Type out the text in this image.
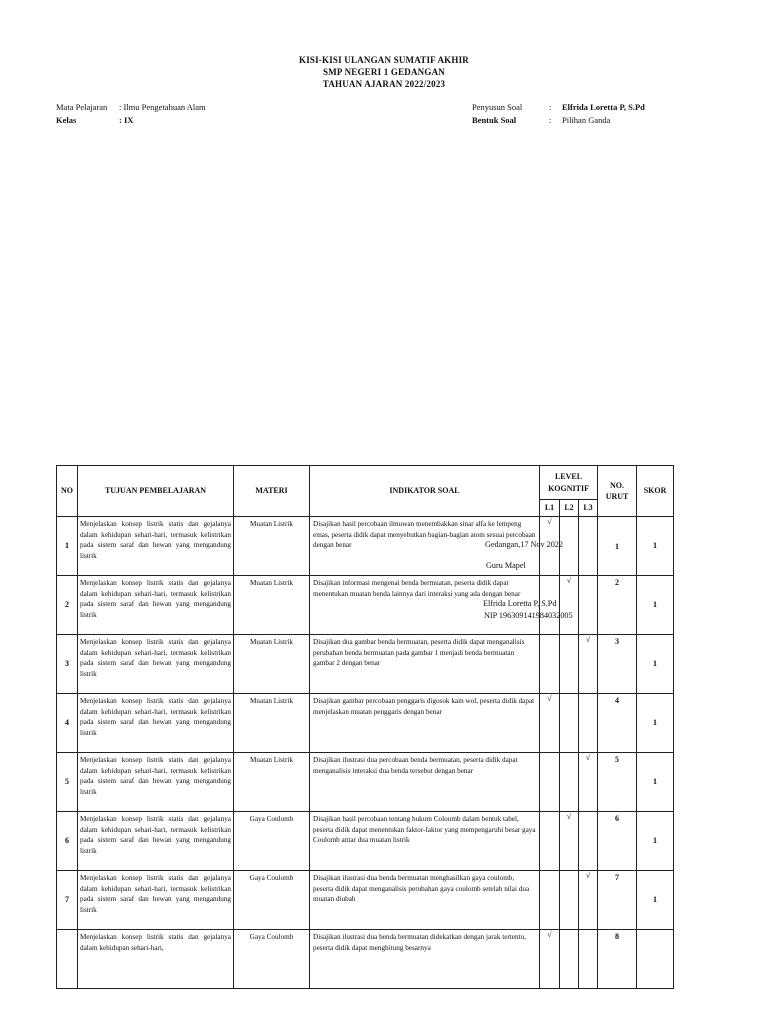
KISI-KISI ULANGAN SUMATIF AKHIR
SMP NEGERI 1 GEDANGAN
TAHUAN AJARAN 2022/2023
Mata Pelajaran : Ilmu Pengetahuan Alam
Kelas	: IX
Penyusun Soal	: Elfrida Loretta P, S.Pd
Bentuk Soal	: Pilihan Ganda
NO	TUJUAN PEMBELAJARAN	MATERI	INDIKATOR SOAL	LEVEL KOGNITIF			NO. URUT	SKOR
				L1	L2	L3		
1	Menjelaskan konsep listrik statis dan gejalanya dalam kehidupan sehari-hari, termasuk kelistrikan pada sistem saraf dan hewan yang mengandung listrik	Muatan Listrik	Disajikan hasil percobaan ilmuwan menembakkan sinar alfa ke lempeng emas, peserta didik dapat menyebutkan bagian-bagian atom sesuai percobaan dengan benar	√			1	1
2	Menjelaskan konsep listrik statis dan gejalanya dalam kehidupan sehari-hari, termasuk kelistrikan pada sistem saraf dan hewan yang mengandung listrik	Muatan Listrik	Disajikan informasi mengenai benda bermuatan, peserta didik dapat menentukan muatan benda lainnya dari interaksi yang ada dengan benar		√		2	1
3	Menjelaskan konsep listrik statis dan gejalanya dalam kehidupan sehari-hari, termasuk kelistrikan pada sistem saraf dan hewan yang mengandung listrik	Muatan Listrik	Disajikan dua gambar benda bermuatan, peserta didik dapat menganalisis perubahan benda bermuatan pada gambar 1 menjadi benda bermuatan gambar 2 dengan benar			√	3	1
4	Menjelaskan konsep listrik statis dan gejalanya dalam kehidupan sehari-hari, termasuk kelistrikan pada sistem saraf dan hewan yang mengandung listrik	Muatan Listrik	Disajikan gambar percobaan penggaris digosok kain wol, peserta didik dapat menjelaskan muatan penggaris dengan benar	√			4	1
5	Menjelaskan konsep listrik statis dan gejalanya dalam kehidupan sehari-hari, termasuk kelistrikan pada sistem saraf dan hewan yang mengandung listrik	Muatan Listrik	Disajikan ilustrasi dua percobaan benda bermuatan, peserta didik dapat menganalisis interaksi dua benda tersebut dengan benar			√	5	1
6	Menjelaskan konsep listrik statis dan gejalanya dalam kehidupan sehari-hari, termasuk kelistrikan pada sistem saraf dan hewan yang mengandung listrik	Gaya Coulomb	Disajikan hasil percobaan tentang hukum Coloumb dalam bentuk tabel, peserta didik dapat menentukan faktor-faktor yang mempengaruhi besar gaya Coulomb antar dua muatan listrik		√		6	1
7	Menjelaskan konsep listrik statis dan gejalanya dalam kehidupan sehari-hari, termasuk kelistrikan pada sistem saraf dan hewan yang mengandung listrik	Gaya Coulomb	Disajikan ilustrasi dua benda bermuatan menghasilkan gaya coulomb, peserta didik dapat menganalisis perubahan gaya coulomb setelah nilai dua muatan diubah			√	7	1
	Menjelaskan konsep listrik statis dan gejalanya dalam kehidupan sehari-hari,	Gaya Coulomb	Disajikan ilustrasi dua benda bermuatan didekatkan dengan jarak tertentu, peserta didik dapat menghitung besarnya	√			8	
Gedangan,17 Nov 2022
Guru Mapel
Elfrida Loretta P, S.Pd
NIP 196309141984032005
